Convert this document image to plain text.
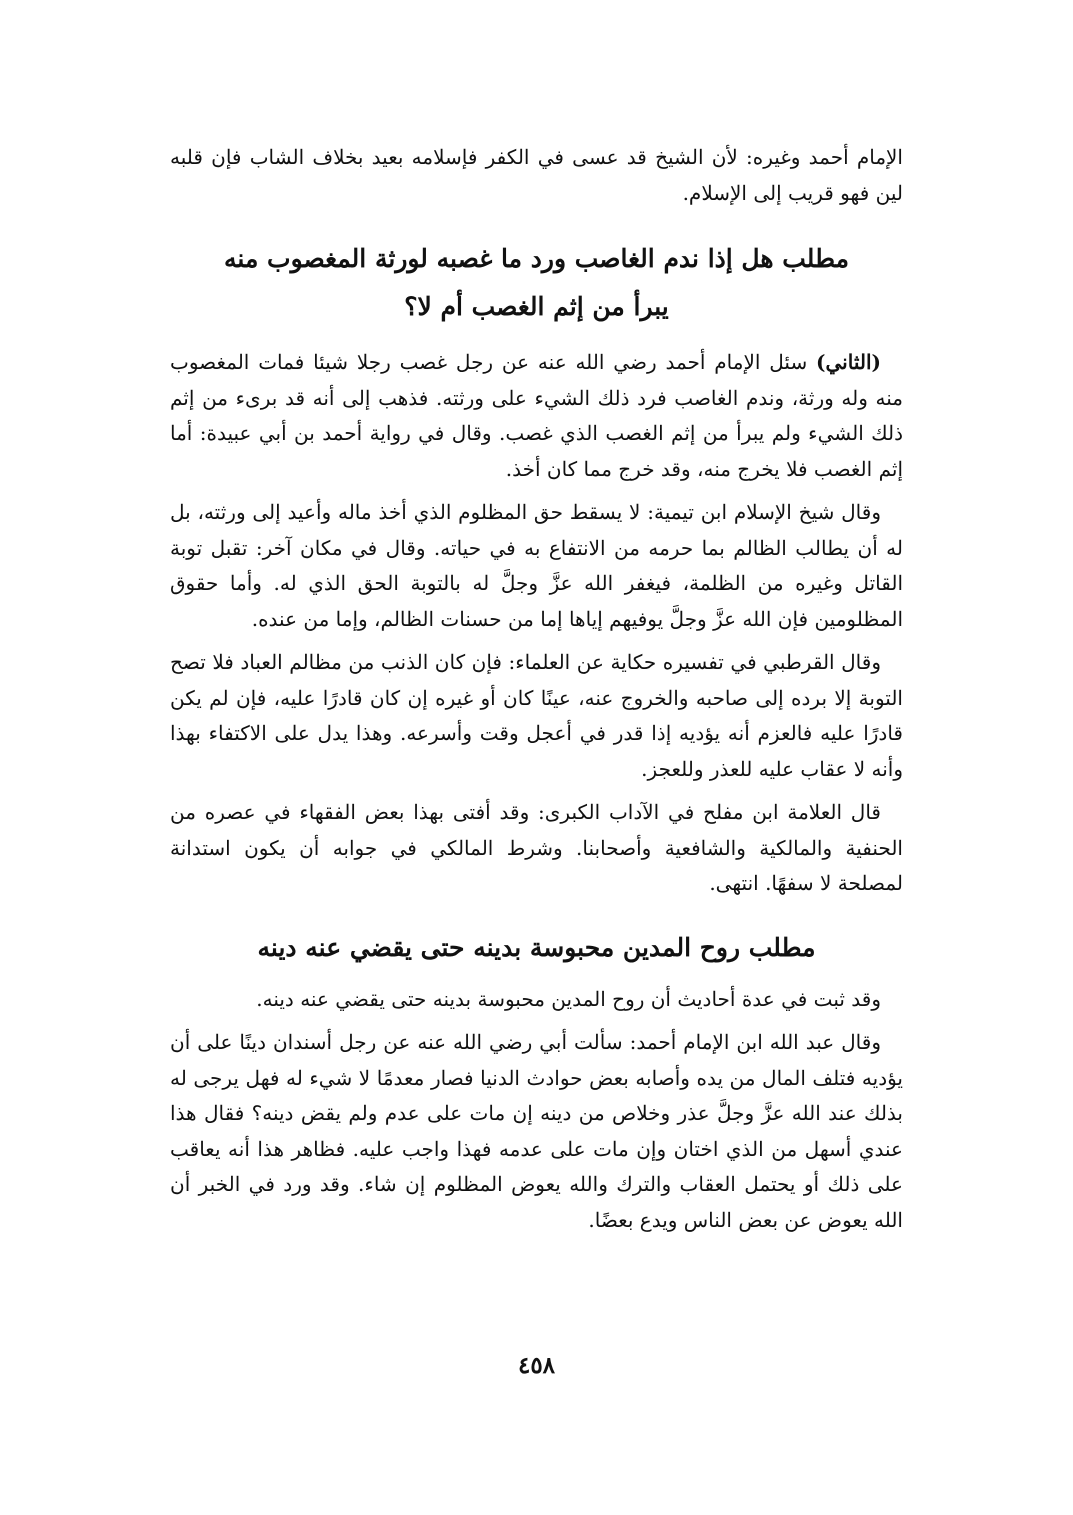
الإمام أحمد وغيره: لأن الشيخ قد عسى في الكفر فإسلامه بعيد بخلاف الشاب فإن قلبه لين فهو قريب إلى الإسلام.

مطلب هل إذا ندم الغاصب ورد ما غصبه لورثة المغصوب منه

يبرأ من إثم الغصب أم لا؟

(الثاني) سئل الإمام أحمد رضي الله عنه عن رجل غصب رجلا شيئا فمات المغصوب منه وله ورثة، وندم الغاصب فرد ذلك الشيء على ورثته. فذهب إلى أنه قد برىء من إثم ذلك الشيء ولم يبرأ من إثم الغصب الذي غصب. وقال في رواية أحمد بن أبي عبيدة: أما إثم الغصب فلا يخرج منه، وقد خرج مما كان أخذ.

وقال شيخ الإسلام ابن تيمية: لا يسقط حق المظلوم الذي أخذ ماله وأعيد إلى ورثته، بل له أن يطالب الظالم بما حرمه من الانتفاع به في حياته. وقال في مكان آخر: تقبل توبة القاتل وغيره من الظلمة، فيغفر الله عزَّ وجلَّ له بالتوبة الحق الذي له. وأما حقوق المظلومين فإن الله عزَّ وجلَّ يوفيهم إياها إما من حسنات الظالم، وإما من عنده.

وقال القرطبي في تفسيره حكاية عن العلماء: فإن كان الذنب من مظالم العباد فلا تصح التوبة إلا برده إلى صاحبه والخروج عنه، عينًا كان أو غيره إن كان قادرًا عليه، فإن لم يكن قادرًا عليه فالعزم أنه يؤديه إذا قدر في أعجل وقت وأسرعه. وهذا يدل على الاكتفاء بهذا وأنه لا عقاب عليه للعذر وللعجز.

قال العلامة ابن مفلح في الآداب الكبرى: وقد أفتى بهذا بعض الفقهاء في عصره من الحنفية والمالكية والشافعية وأصحابنا. وشرط المالكي في جوابه أن يكون استدانة لمصلحة لا سفهًا. انتهى.

مطلب روح المدين محبوسة بدينه حتى يقضي عنه دينه

وقد ثبت في عدة أحاديث أن روح المدين محبوسة بدينه حتى يقضي عنه دينه.

وقال عبد الله ابن الإمام أحمد: سألت أبي رضي الله عنه عن رجل أسندان دينًا على أن يؤديه فتلف المال من يده وأصابه بعض حوادث الدنيا فصار معدمًا لا شيء له فهل يرجى له بذلك عند الله عزَّ وجلَّ عذر وخلاص من دينه إن مات على عدم ولم يقض دينه؟ فقال هذا عندي أسهل من الذي اختان وإن مات على عدمه فهذا واجب عليه. فظاهر هذا أنه يعاقب على ذلك أو يحتمل العقاب والترك والله يعوض المظلوم إن شاء. وقد ورد في الخبر أن الله يعوض عن بعض الناس ويدع بعضًا.

٤٥٨
